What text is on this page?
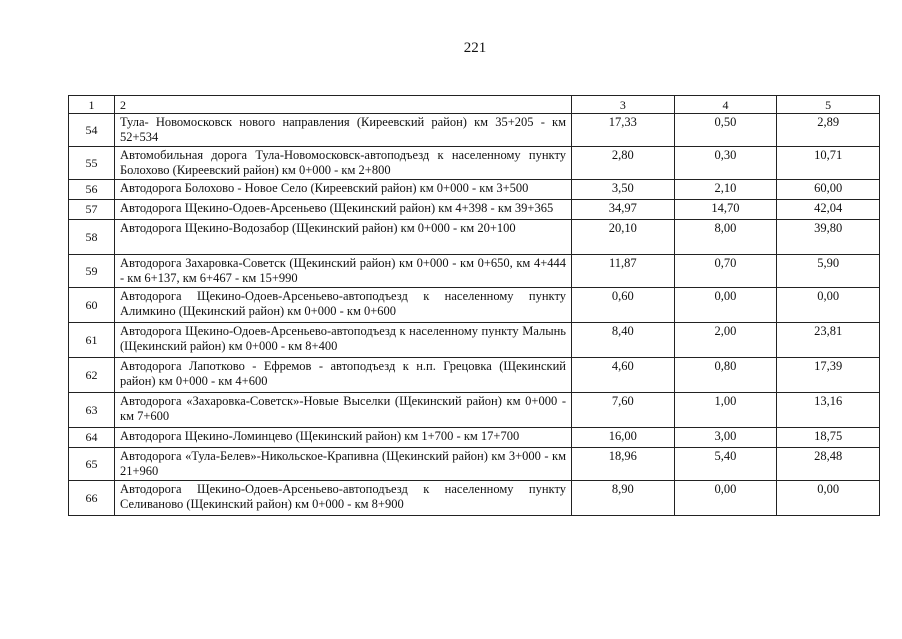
221
1	2	3	4	5
54	Тула- Новомосковск нового направления (Киреевский район) км 35+205 - км 52+534	17,33	0,50	2,89
55	Автомобильная дорога Тула-Новомосковск-автоподъезд к населенному пункту Болохово (Киреевский район) км 0+000 - км 2+800	2,80	0,30	10,71
56	Автодорога Болохово - Новое Село (Киреевский район) км 0+000 - км 3+500	3,50	2,10	60,00
57	Автодорога Щекино-Одоев-Арсеньево (Щекинский район) км 4+398 - км 39+365	34,97	14,70	42,04
58	Автодорога Щекино-Водозабор (Щекинский район) км 0+000 - км 20+100	20,10	8,00	39,80
59	Автодорога Захаровка-Советск (Щекинский район) км 0+000 - км 0+650, км 4+444 - км 6+137, км 6+467 - км 15+990	11,87	0,70	5,90
60	Автодорога Щекино-Одоев-Арсеньево-автоподъезд к населенному пункту Алимкино (Щекинский район) км 0+000 - км 0+600	0,60	0,00	0,00
61	Автодорога Щекино-Одоев-Арсеньево-автоподъезд к населенному пункту Малынь (Щекинский район) км 0+000 - км 8+400	8,40	2,00	23,81
62	Автодорога Лапотково - Ефремов - автоподъезд к н.п. Грецовка (Щекинский район) км 0+000 - км 4+600	4,60	0,80	17,39
63	Автодорога «Захаровка-Советск»-Новые Выселки (Щекинский район) км 0+000 - км 7+600	7,60	1,00	13,16
64	Автодорога Щекино-Ломинцево (Щекинский район) км 1+700 - км 17+700	16,00	3,00	18,75
65	Автодорога «Тула-Белев»-Никольское-Крапивна (Щекинский район) км 3+000 - км 21+960	18,96	5,40	28,48
66	Автодорога Щекино-Одоев-Арсеньево-автоподъезд к населенному пункту Селиваново (Щекинский район) км 0+000 - км 8+900	8,90	0,00	0,00
